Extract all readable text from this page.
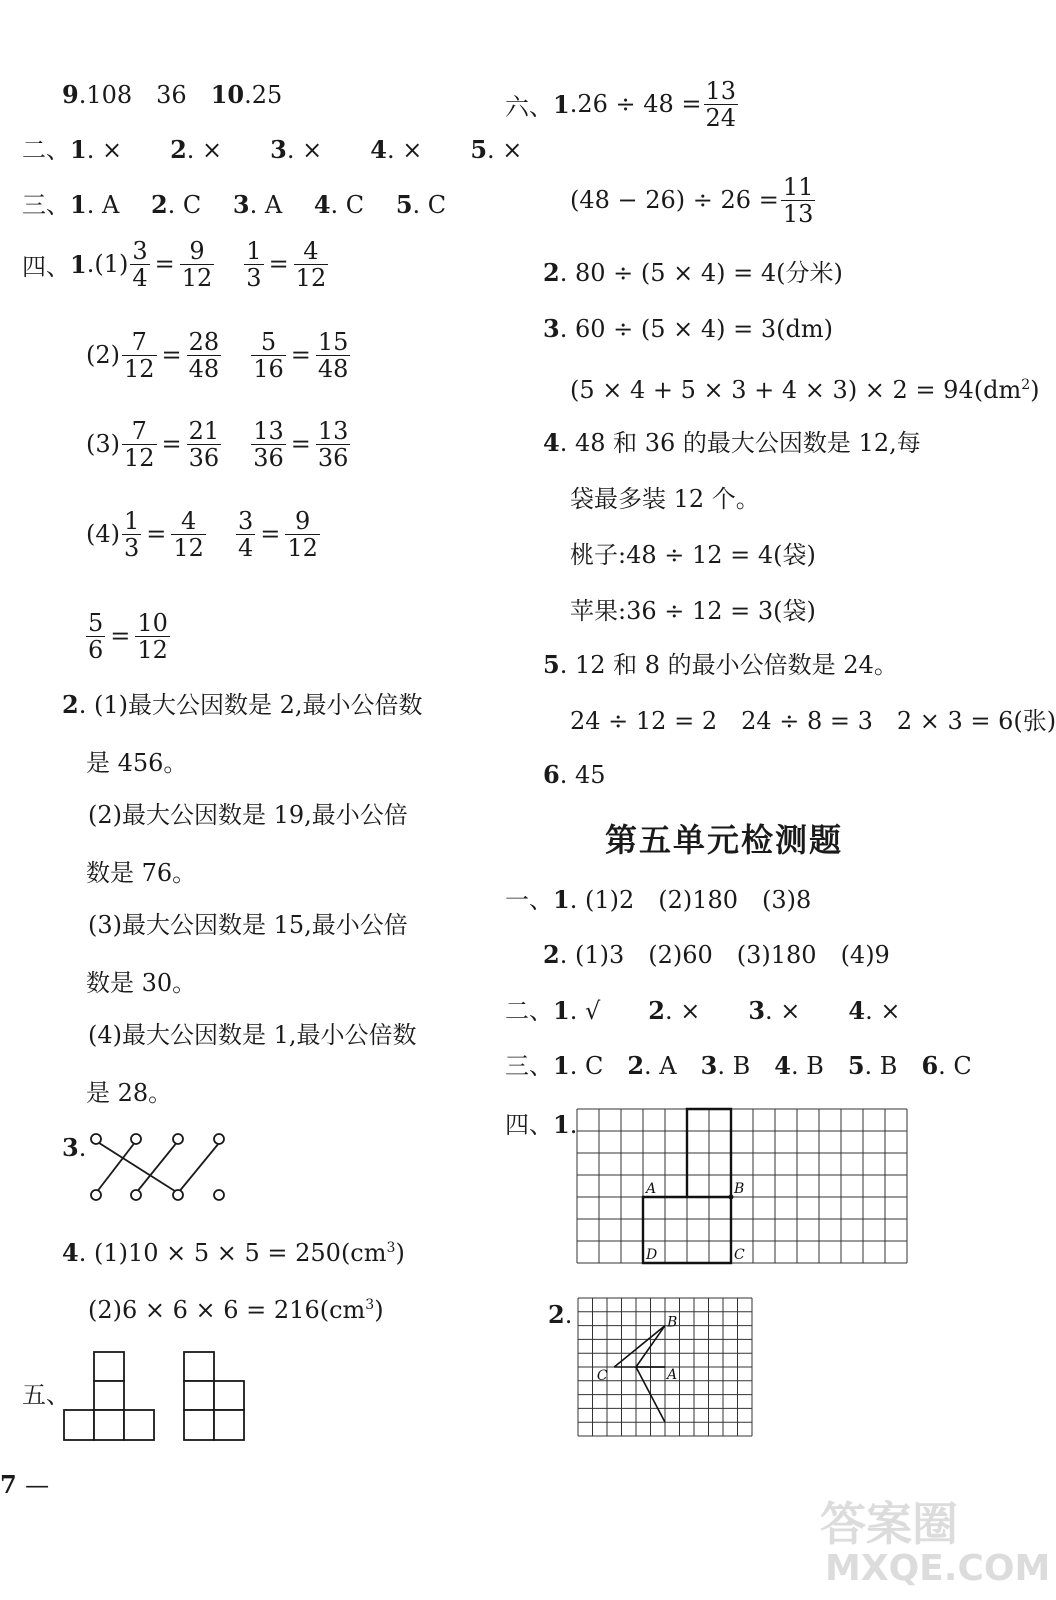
9.108　36　10.25
二、1. ×　　 2. ×　　 3. ×　　 4. ×　　 5. ×
三、1. A　 2. C　 3. A　 4. C　 5. C
四、 1 . $(1) \frac{3}{4} = \frac{9}{12} \frac{1}{3} = \frac{4}{12}$
$(2) \frac{7}{12} = \frac{28}{48} \frac{5}{16} = \frac{15}{48}$
$(3) \frac{7}{12} = \frac{21}{36} \frac{13}{36} = \frac{13}{36}$
$(4) \frac{1}{3} = \frac{4}{12} \frac{3}{4} = \frac{9}{12}$
$\frac{5}{6} = \frac{10}{12}$
2. (1)最大公因数是 2,最小公倍数
是 456。
(2)最大公因数是 19,最小公倍
数是 76。
(3)最大公因数是 15,最小公倍
数是 30。
(4)最大公因数是 1,最小公倍数
是 28。
3.
4. $(1)10 \times 5 \times 5 = 250(cm^3)$
$(2)6 \times 6 \times 6 = 216(cm^3)$
五、
7 —
六、 1 $.26 \div 48 = \frac{13}{24}$
$(48 - 26) \div 26 = \frac{11}{13}$
2. 80 ÷ (5 × 4) = 4(分米)
3. 60 ÷ (5 × 4) = 3(dm)
$(5 \times 4 + 5 \times 3 + 4 \times 3) \times 2 = 94(dm^2)$
4. 48 和 36 的最大公因数是 12,每
袋最多装 12 个。
桃子:48 ÷ 12 = 4(袋)
苹果:36 ÷ 12 = 3(袋)
5. 12 和 8 的最小公倍数是 24。
24 ÷ 12 = 2　24 ÷ 8 = 3　2 × 3 = 6(张)
6. 45
第五单元检测题
一、1. (1)2　(2)180　(3)8
2. (1)3　(2)60　(3)180　(4)9
二、1. √　　 2. ×　　 3. ×　　 4. ×
三、1. C　 2. A　 3. B　 4. B　 5. B　 6. C
四、1.
A	B
D	C
2.	B
C	A
答案圈
MXQE.COM
